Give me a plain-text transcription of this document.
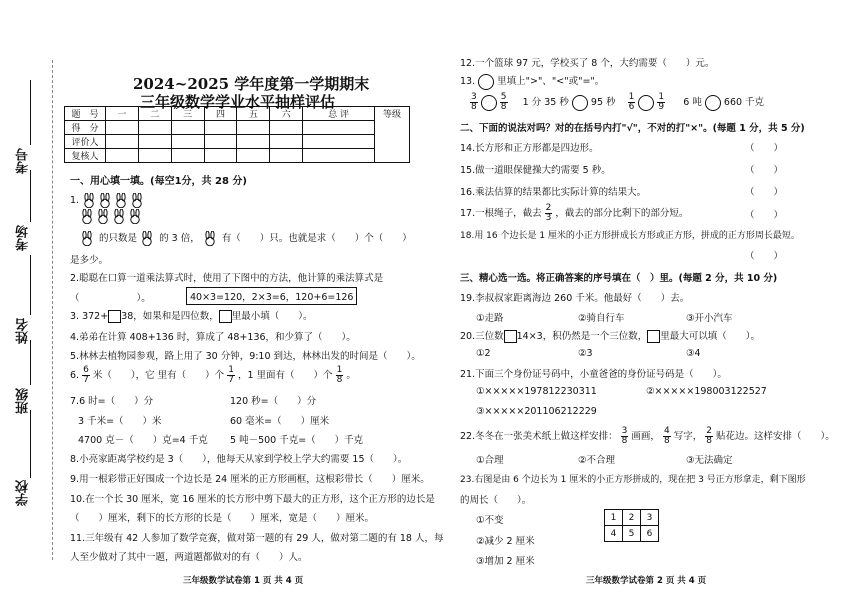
学校
班级
姓名
考场
考号
2024~2025 学年度第一学期期末
三年级数学学业水平抽样评估
题　号	一	二	三	四	五	六	总 评	等级
得　分								
评价人								
复核人								
一、用心填一填。(每空1分，共 28 分)
1.
的只数是 的 3 倍， 有（　　）只。也就是求（　　）个（　　）
是多少。
2.聪聪在口算一道乘法算式时，使用了下图中的方法，他计算的乘法算式是
（　　　　　　）。	40×3=120，2×3=6，120+6=126
3. 372+ 38，如果和是四位数， 里最小填（　　）。
4.弟弟在计算 408+136 时，算成了 48+136，和少算了（　　）。
5.林林去植物园参观，路上用了 30 分钟，9:10 到达，林林出发的时间是（　　）。
6. $\frac{6}{7}$ 米（　　），它 里有（　　）个 $\frac{1}{7}$ ，1 里面有（　　）个 $\frac{1}{8}$ 。
7.6 时=（　　）分	120 秒=（　　）分
3 千米=（　　）米	60 毫米=（　　）厘米
4700 克－（　　）克=4 千克 5 吨－500 千克=（　　）千克
8.小亮家距离学校约是 3（　　），他每天从家到学校上学大约需要 15（　　）。
9.用一根彩带正好围成一个边长是 24 厘米的正方形画框，这根彩带长（　　）厘米。
10.在一个长 30 厘米，宽 16 厘米的长方形中剪下最大的正方形，这个正方形的边长是
（　　）厘米，剩下的长方形的长是（　　）厘米，宽是（　　）厘米。
11.三年级有 42 人参加了数学竞赛，做对第一题的有 29 人，做对第二题的有 18 人，每
人至少做对了其中一题，两道题都做对的有（　　）人。
三年级数学试卷第 1 页 共 4 页
12.一个篮球 97 元，学校买了 8 个，大约需要（　　）元。
13. 里填上">"、"<"或"="。
$\frac{3}{8}$
$\frac{5}{8} 1$ 分 35 秒 95 秒 $\frac{1}{6}$
$\frac{1}{9} 6$ 吨 660 千克
二、下面的说法对吗？对的在括号内打"√"，不对的打"×"。(每题 1 分，共 5 分)
14.长方形和正方形都是四边形。	（　　）
15.做一道眼保健操大约需要 5 秒。	（　　）
16.乘法估算的结果都比实际计算的结果大。	（　　）
17.一根绳子，截去 $\frac{2}{3}$ ，截去的部分比剩下的部分短。	（　　）
18.用 16 个边长是 1 厘米的小正方形拼成长方形或正方形，拼成的正方形周长最短。
（　　）
三、精心选一选。将正确答案的序号填在（　）里。(每题 2 分，共 10 分)
19.李叔叔家距离海边 260 千米。他最好（　　）去。
①走路	②骑自行车	③开小汽车
20.三位数 14×3，积仍然是一个三位数， 里最大可以填（　　）。
①2	②3	③4
21.下面三个身份证号码中，小童爸爸的身份证号码是（　　）。
①×××××197812230311	②×××××198003122527
③×××××201106212229
22.冬冬在一张美术纸上做这样安排： $\frac{3}{8}$ 画画， $\frac{4}{8}$ 写字， $\frac{2}{8}$ 贴花边。这样安排（　　）。
①合理	②不合理	③无法确定
23.右图是由 6 个边长为 1 厘米的小正方形拼成的，现在把 3 号正方形拿走，剩下图形
的周长（　　）。
①不变
②减少 2 厘米
③增加 2 厘米
1	2	3
4	5	6
三年级数学试卷第 2 页 共 4 页
